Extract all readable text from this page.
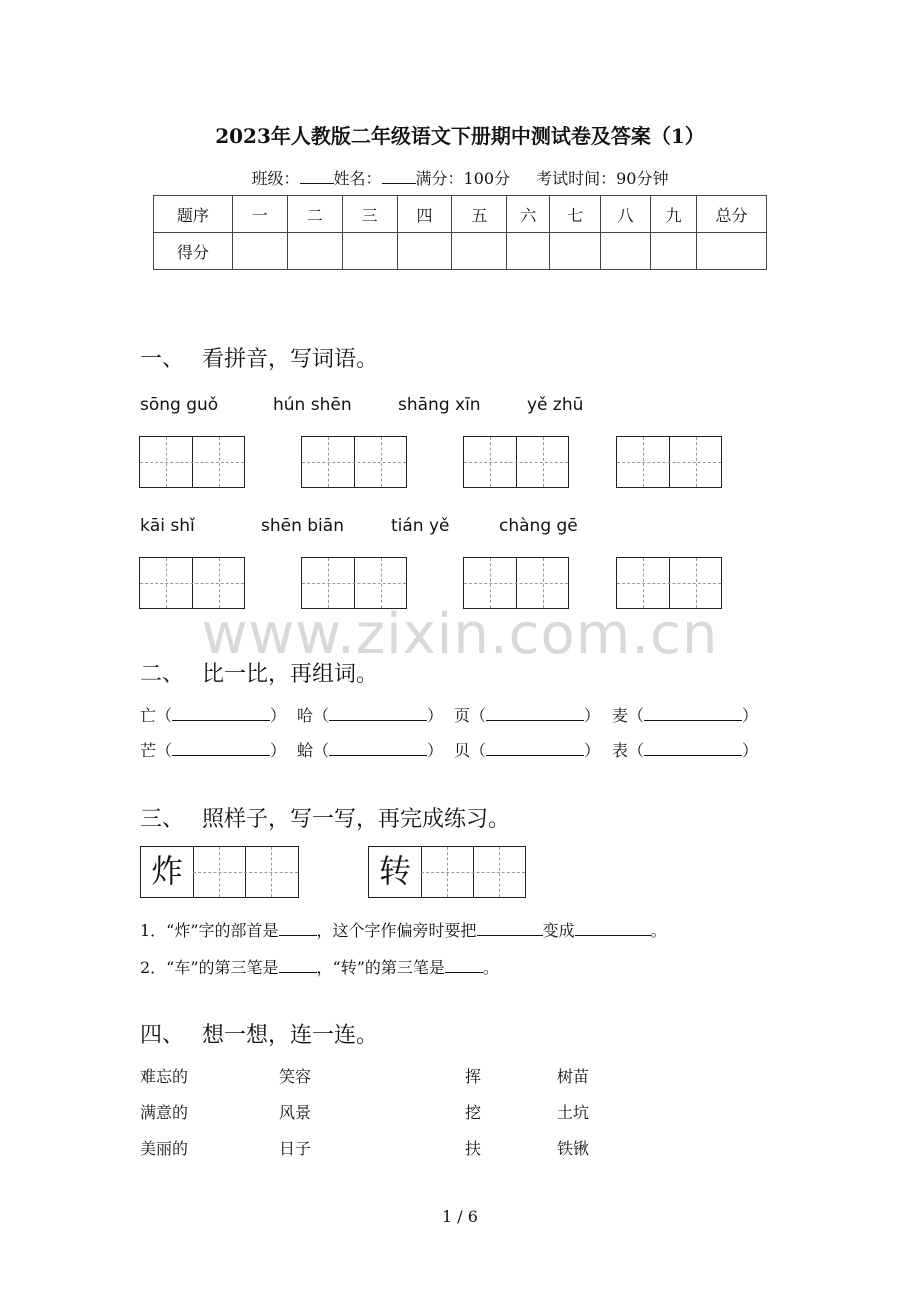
2023年人教版二年级语文下册期中测试卷及答案（1）
班级： 姓名： 满分：100分 考试时间：90分钟
题序	一	二	三	四	五	六	七	八	九	总分
得分										
一、 看拼音，写词语。
sōng guǒ	hún shēn	shāng xīn	yě zhū
kāi shǐ	shēn biān	tián yě	chàng gē
www.zixin.com.cn
二、 比一比，再组词。
亡（	） 哈（	） 页（	） 麦（	）
芒（	） 蛤（	） 贝（	） 表（	）
三、 照样子，写一写，再完成练习。
炸	转
1．“炸”字的部首是 ，这个字作偏旁时要把	变成	。
2．“车”的第三笔是 ，“转”的第三笔是 。
四、 想一想，连一连。
难忘的	笑容	挥	树苗
满意的	风景	挖	土坑
美丽的	日子	扶	铁锹
1 / 6
